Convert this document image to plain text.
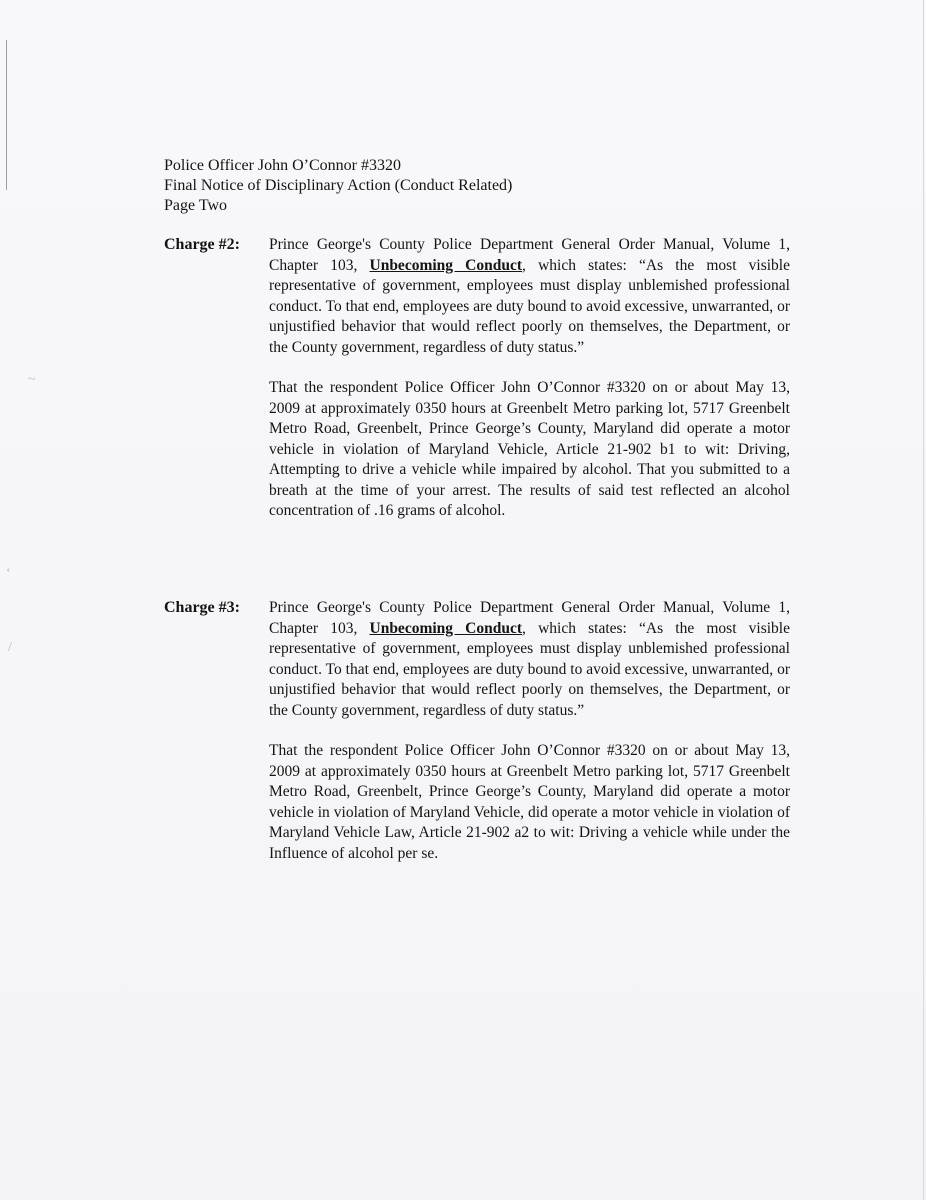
~
‘
/
Police Officer John O’Connor #3320
Final Notice of Disciplinary Action (Conduct Related)
Page Two
Charge #2: Prince George's County Police Department General Order Manual, Volume 1, Chapter 103, Unbecoming Conduct, which states: “As the most visible representative of government, employees must display unblemished professional conduct. To that end, employees are duty bound to avoid excessive, unwarranted, or unjustified behavior that would reflect poorly on themselves, the Department, or the County government, regardless of duty status.”

That the respondent Police Officer John O’Connor #3320 on or about May 13, 2009 at approximately 0350 hours at Greenbelt Metro parking lot, 5717 Greenbelt Metro Road, Greenbelt, Prince George’s County, Maryland did operate a motor vehicle in violation of Maryland Vehicle, Article 21-902 b1 to wit: Driving, Attempting to drive a vehicle while impaired by alcohol. That you submitted to a breath at the time of your arrest. The results of said test reflected an alcohol concentration of .16 grams of alcohol.

Charge #3: Prince George's County Police Department General Order Manual, Volume 1, Chapter 103, Unbecoming Conduct, which states: “As the most visible representative of government, employees must display unblemished professional conduct. To that end, employees are duty bound to avoid excessive, unwarranted, or unjustified behavior that would reflect poorly on themselves, the Department, or the County government, regardless of duty status.”

That the respondent Police Officer John O’Connor #3320 on or about May 13, 2009 at approximately 0350 hours at Greenbelt Metro parking lot, 5717 Greenbelt Metro Road, Greenbelt, Prince George’s County, Maryland did operate a motor vehicle in violation of Maryland Vehicle, did operate a motor vehicle in violation of Maryland Vehicle Law, Article 21-902 a2 to wit: Driving a vehicle while under the Influence of alcohol per se.
